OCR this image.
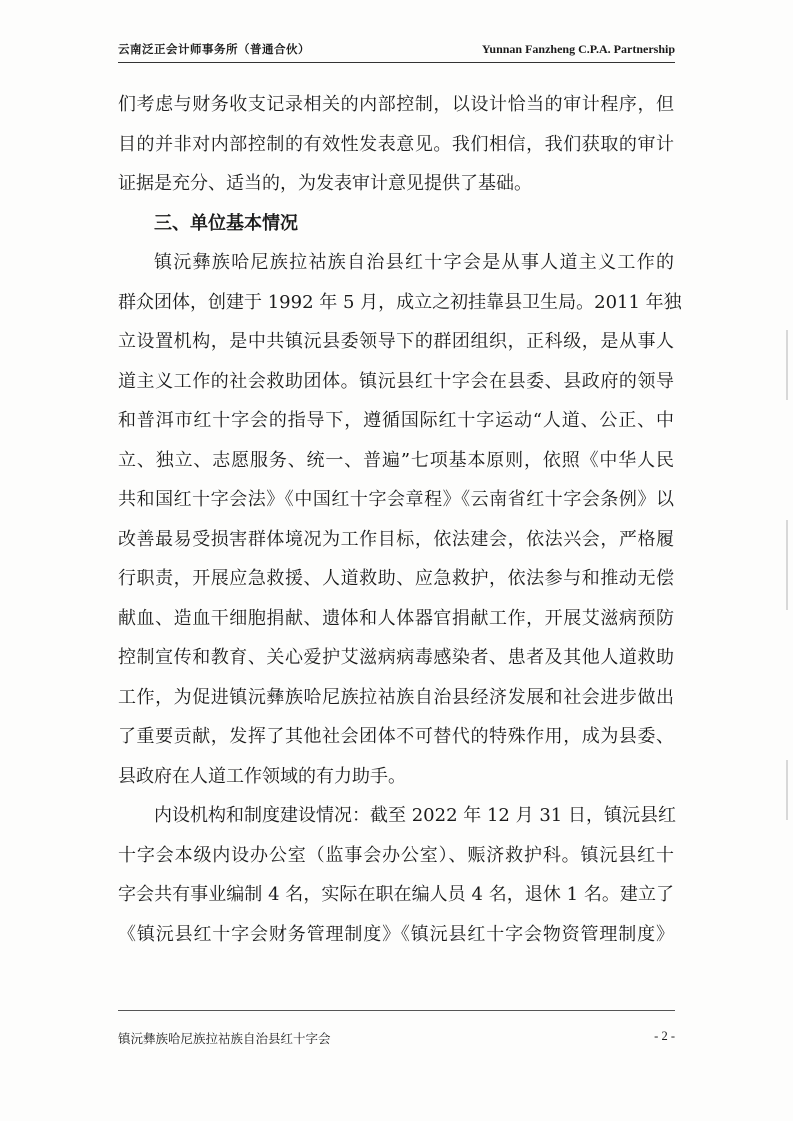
云南泛正会计师事务所（普通合伙）	Yunnan Fanzheng C.P.A. Partnership
们考虑与财务收支记录相关的内部控制，以设计恰当的审计程序，但
目的并非对内部控制的有效性发表意见。我们相信，我们获取的审计
证据是充分、适当的，为发表审计意见提供了基础。
三、单位基本情况
镇沅彝族哈尼族拉祜族自治县红十字会是从事人道主义工作的
群众团体，创建于 1992 年 5 月，成立之初挂靠县卫生局。2011 年独
立设置机构，是中共镇沅县委领导下的群团组织，正科级，是从事人
道主义工作的社会救助团体。镇沅县红十字会在县委、县政府的领导
和普洱市红十字会的指导下，遵循国际红十字运动“人道、公正、中
立、独立、志愿服务、统一、普遍”七项基本原则，依照《中华人民
共和国红十字会法》《中国红十字会章程》《云南省红十字会条例》以
改善最易受损害群体境况为工作目标，依法建会，依法兴会，严格履
行职责，开展应急救援、人道救助、应急救护，依法参与和推动无偿
献血、造血干细胞捐献、遗体和人体器官捐献工作，开展艾滋病预防
控制宣传和教育、关心爱护艾滋病病毒感染者、患者及其他人道救助
工作，为促进镇沅彝族哈尼族拉祜族自治县经济发展和社会进步做出
了重要贡献，发挥了其他社会团体不可替代的特殊作用，成为县委、
县政府在人道工作领域的有力助手。
内设机构和制度建设情况：截至 2022 年 12 月 31 日，镇沅县红
十字会本级内设办公室（监事会办公室）、赈济救护科。镇沅县红十
字会共有事业编制 4 名，实际在职在编人员 4 名，退休 1 名。建立了
《镇沅县红十字会财务管理制度》《镇沅县红十字会物资管理制度》
镇沅彝族哈尼族拉祜族自治县红十字会	- 2 -
